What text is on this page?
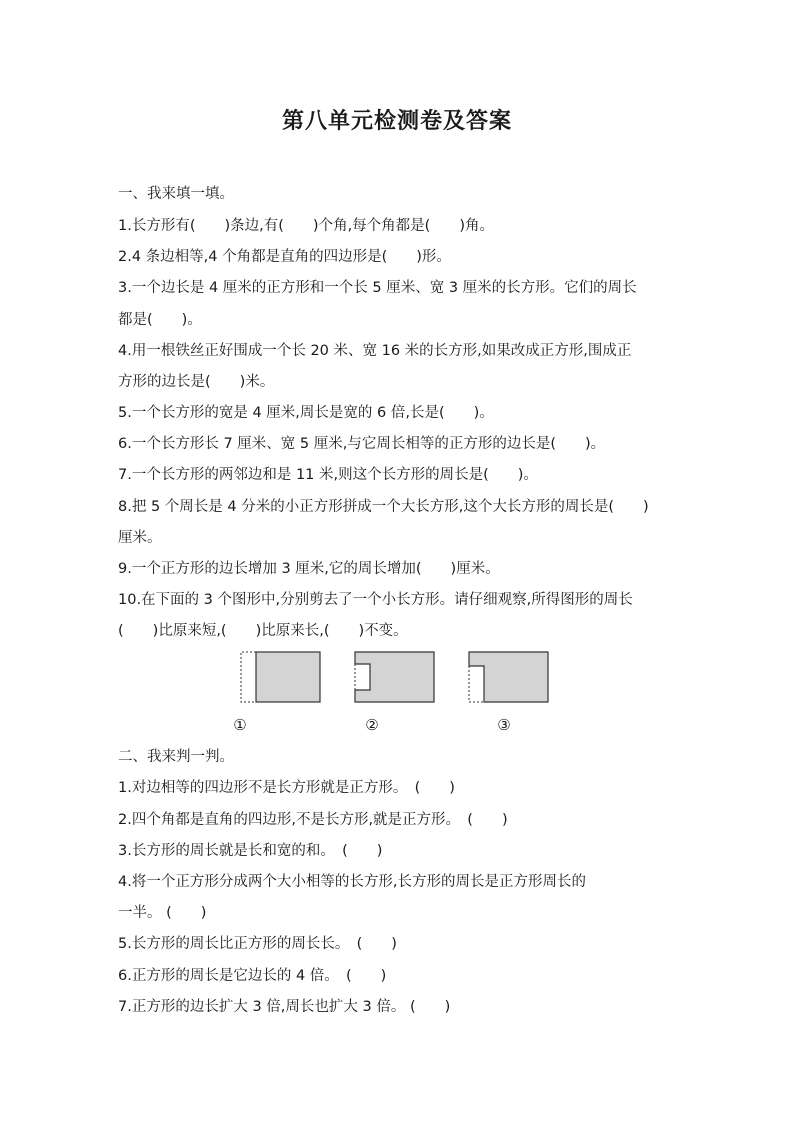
第八单元检测卷及答案
一、我来填一填。
1.长方形有(　　)条边,有(　　)个角,每个角都是(　　)角。
2.4 条边相等,4 个角都是直角的四边形是(　　)形。
3.一个边长是 4 厘米的正方形和一个长 5 厘米、宽 3 厘米的长方形。它们的周长
都是(　　)。
4.用一根铁丝正好围成一个长 20 米、宽 16 米的长方形,如果改成正方形,围成正
方形的边长是(　　)米。
5.一个长方形的宽是 4 厘米,周长是宽的 6 倍,长是(　　)。
6.一个长方形长 7 厘米、宽 5 厘米,与它周长相等的正方形的边长是(　　)。
7.一个长方形的两邻边和是 11 米,则这个长方形的周长是(　　)。
8.把 5 个周长是 4 分米的小正方形拼成一个大长方形,这个大长方形的周长是(　　)
厘米。
9.一个正方形的边长增加 3 厘米,它的周长增加(　　)厘米。
10.在下面的 3 个图形中,分别剪去了一个小长方形。请仔细观察,所得图形的周长
(　　)比原来短,(　　)比原来长,(　　)不变。
①	②	③
二、我来判一判。
1.对边相等的四边形不是长方形就是正方形。　(　　)
2.四个角都是直角的四边形,不是长方形,就是正方形。　(　　)
3.长方形的周长就是长和宽的和。　(　　)
4.将一个正方形分成两个大小相等的长方形,长方形的周长是正方形周长的
一半。 (　　)
5.长方形的周长比正方形的周长长。　(　　)
6.正方形的周长是它边长的 4 倍。　(　　)
7.正方形的边长扩大 3 倍,周长也扩大 3 倍。 (　　)
